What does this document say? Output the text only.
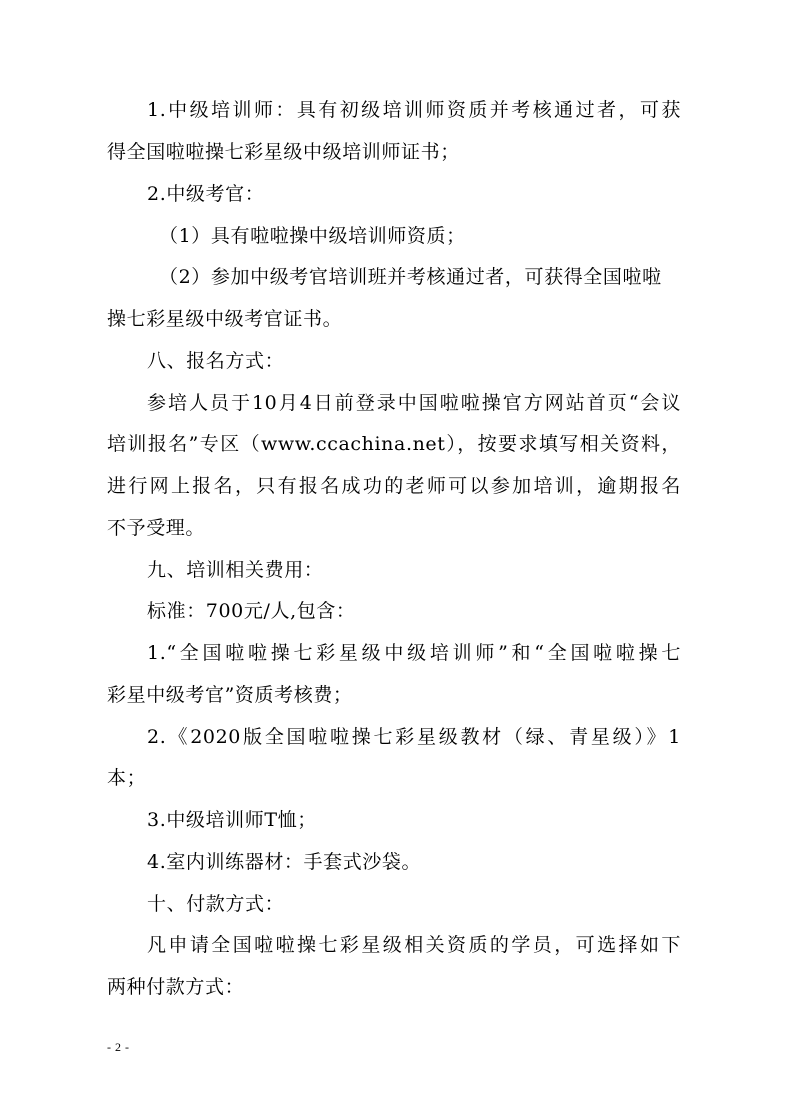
1.中级培训师：具有初级培训师资质并考核通过者，可获
得全国啦啦操七彩星级中级培训师证书；
2.中级考官：
（1）具有啦啦操中级培训师资质；
（2）参加中级考官培训班并考核通过者，可获得全国啦啦
操七彩星级中级考官证书。
八、报名方式：
参培人员于10月4日前登录中国啦啦操官方网站首页“会议
培训报名”专区（www.ccachina.net），按要求填写相关资料，
进行网上报名，只有报名成功的老师可以参加培训，逾期报名
不予受理。
九、培训相关费用：
标准：700元/人,包含：
1.“全国啦啦操七彩星级中级培训师”和“全国啦啦操七
彩星中级考官”资质考核费；
2.《2020版全国啦啦操七彩星级教材（绿、青星级）》1
本；
3.中级培训师T恤；
4.室内训练器材：手套式沙袋。
十、付款方式：
凡申请全国啦啦操七彩星级相关资质的学员，可选择如下
两种付款方式：
- 2 -
